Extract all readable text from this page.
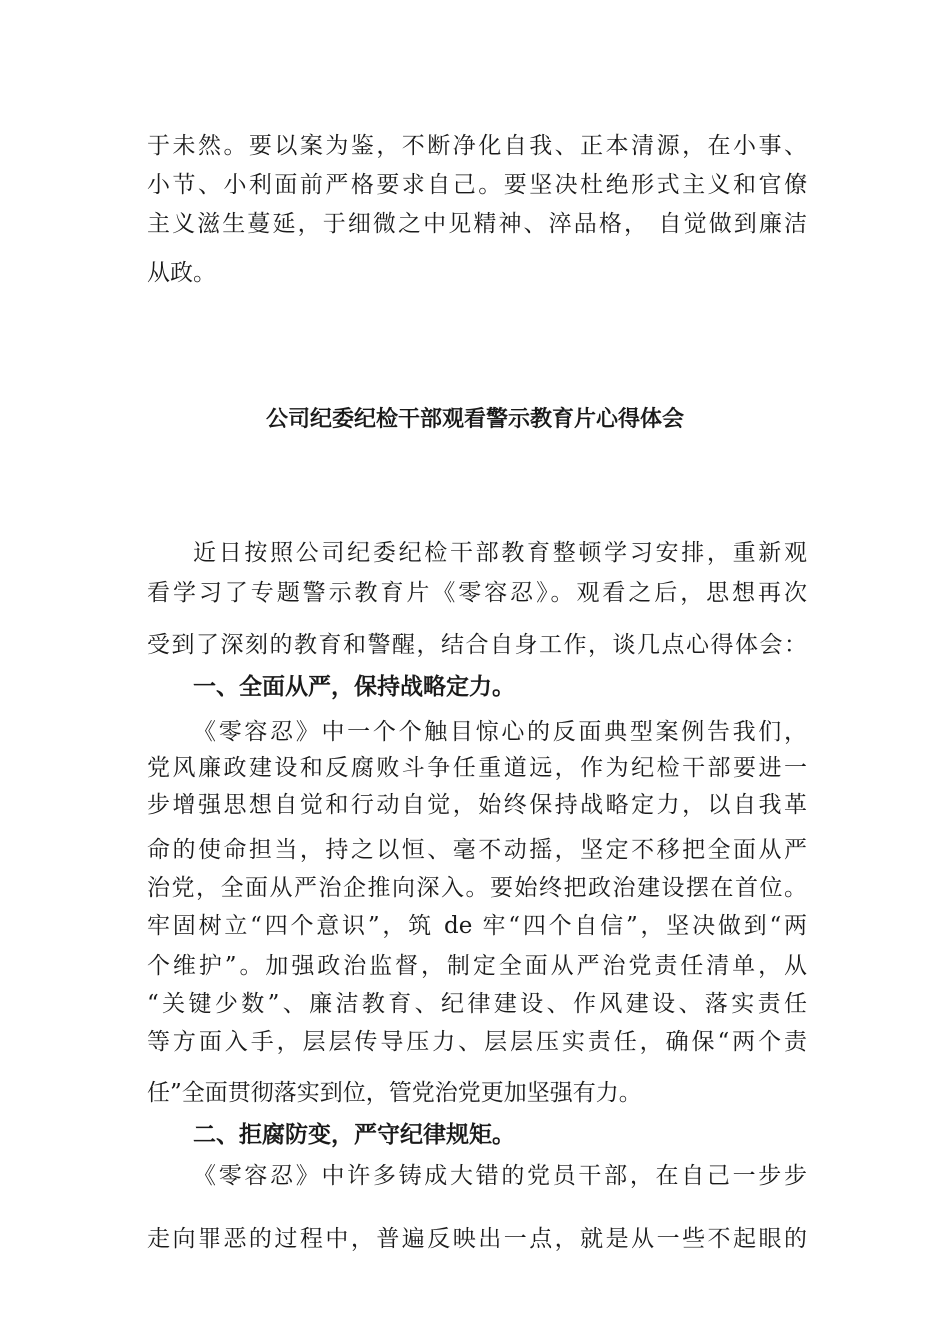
于未然。要以案为鉴，不断净化自我、正本清源，在小事、
小节、小利面前严格要求自己。要坚决杜绝形式主义和官僚
主义滋生蔓延，于细微之中见精神、淬品格， 自觉做到廉洁
从政。
公司纪委纪检干部观看警示教育片心得体会
近日按照公司纪委纪检干部教育整顿学习安排，重新观
看学习了专题警示教育片《零容忍》。观看之后，思想再次
受到了深刻的教育和警醒，结合自身工作，谈几点心得体会：
一、全面从严，保持战略定力。
《零容忍》中一个个触目惊心的反面典型案例告我们，
党风廉政建设和反腐败斗争任重道远，作为纪检干部要进一
步增强思想自觉和行动自觉，始终保持战略定力，以自我革
命的使命担当，持之以恒、毫不动摇，坚定不移把全面从严
治党，全面从严治企推向深入。要始终把政治建设摆在首位。
牢固树立“四个意识”，筑 de 牢“四个自信”，坚决做到“两
个维护”。加强政治监督，制定全面从严治党责任清单，从
“关键少数”、廉洁教育、纪律建设、作风建设、落实责任
等方面入手，层层传导压力、层层压实责任，确保“两个责
任”全面贯彻落实到位，管党治党更加坚强有力。
二、拒腐防变，严守纪律规矩。
《零容忍》中许多铸成大错的党员干部，在自己一步步
走向罪恶的过程中，普遍反映出一点，就是从一些不起眼的
